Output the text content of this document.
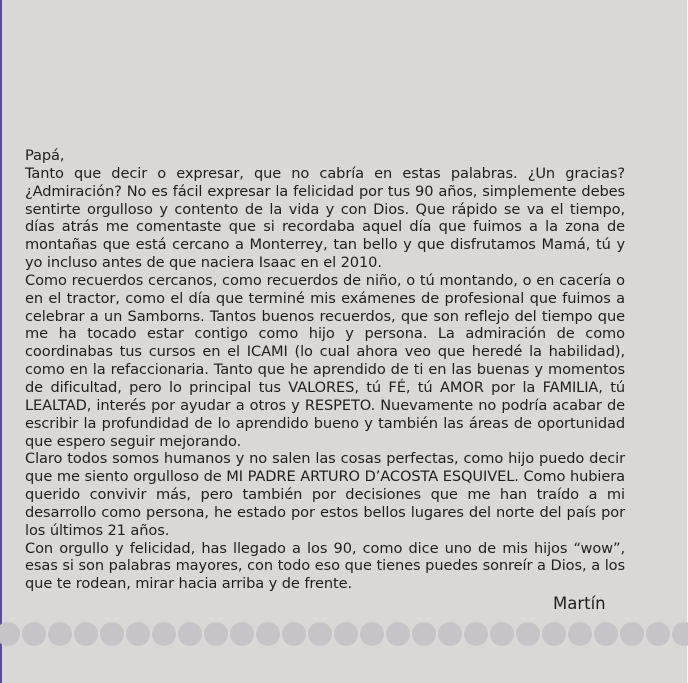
Papá,

Tanto que decir o expresar, que no cabría en estas palabras. ¿Un gracias? ¿Admiración? No es fácil expresar la felicidad por tus 90 años, simplemente debes sentirte orgulloso y contento de la vida y con Dios. Que rápido se va el tiempo, días atrás me comentaste que si recordaba aquel día que fuimos a la zona de montañas que está cercano a Monterrey, tan bello y que disfrutamos Mamá, tú y yo incluso antes de que naciera Isaac en el 2010.

Como recuerdos cercanos, como recuerdos de niño, o tú montando, o en cacería o en el tractor, como el día que terminé mis exámenes de profesional que fuimos a celebrar a un Samborns. Tantos buenos recuerdos, que son reflejo del tiempo que me ha tocado estar contigo como hijo y persona. La admiración de como coordinabas tus cursos en el ICAMI (lo cual ahora veo que heredé la habilidad), como en la refaccionaria. Tanto que he aprendido de ti en las buenas y momentos de dificultad, pero lo principal tus VALORES, tú FÉ, tú AMOR por la FAMILIA, tú LEALTAD, interés por ayudar a otros y RESPETO. Nuevamente no podría acabar de escribir la profundidad de lo aprendido bueno y también las áreas de oportunidad que espero seguir mejorando.

Claro todos somos humanos y no salen las cosas perfectas, como hijo puedo decir que me siento orgulloso de MI PADRE ARTURO D’ACOSTA ESQUIVEL. Como hubiera querido convivir más, pero también por decisiones que me han traído a mi desarrollo como persona, he estado por estos bellos lugares del norte del país por los últimos 21 años.

Con orgullo y felicidad, has llegado a los 90, como dice uno de mis hijos “wow”, esas si son palabras mayores, con todo eso que tienes puedes sonreír a Dios, a los que te rodean, mirar hacia arriba y de frente.

Martín
